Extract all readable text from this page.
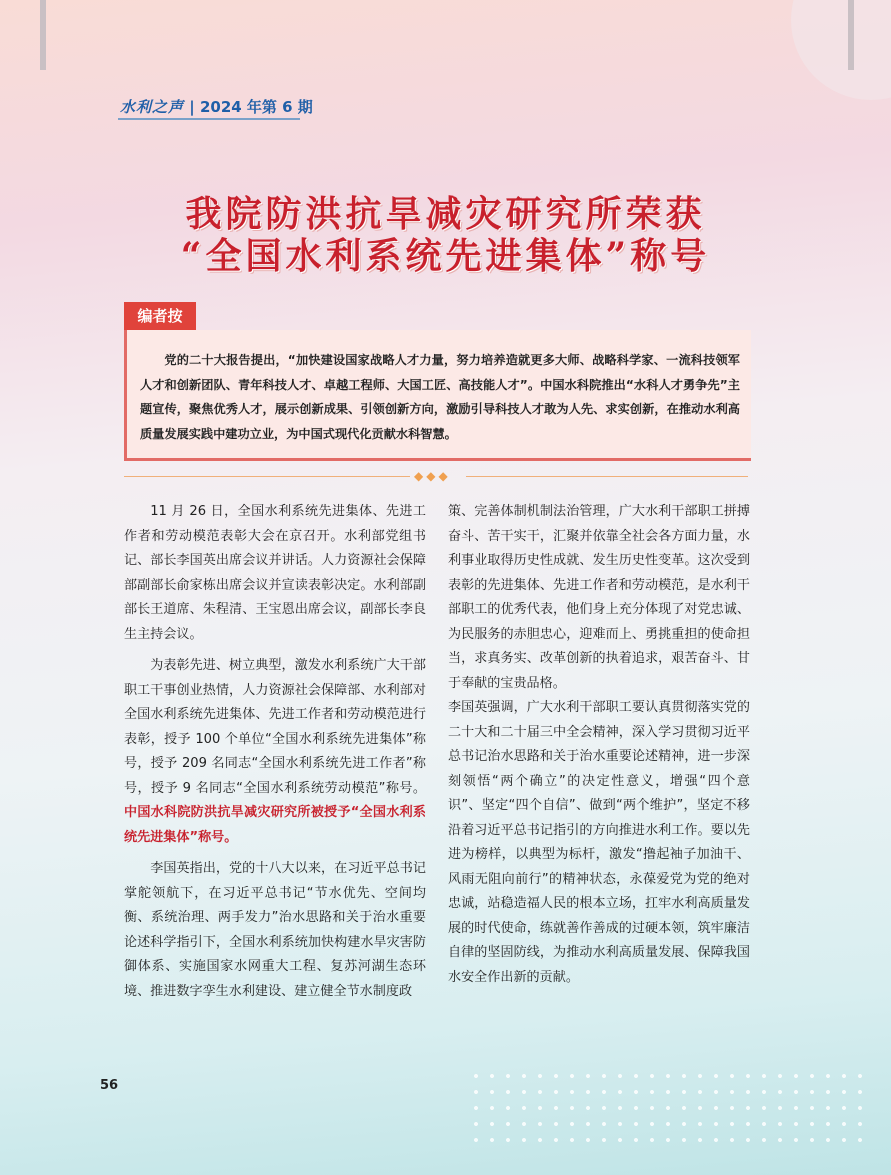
水利之声 | 2024 年第 6 期
我院防洪抗旱减灾研究所荣获
“全国水利系统先进集体”称号
编者按
党的二十大报告提出，“加快建设国家战略人才力量，努力培养造就更多大师、战略科学家、一流科技领军人才和创新团队、青年科技人才、卓越工程师、大国工匠、高技能人才”。中国水科院推出“水科人才勇争先”主题宣传，聚焦优秀人才，展示创新成果、引领创新方向，激励引导科技人才敢为人先、求实创新，在推动水利高质量发展实践中建功立业，为中国式现代化贡献水科智慧。
◆◆◆

11 月 26 日，全国水利系统先进集体、先进工作者和劳动模范表彰大会在京召开。水利部党组书记、部长李国英出席会议并讲话。人力资源社会保障部副部长俞家栋出席会议并宣读表彰决定。水利部副部长王道席、朱程清、王宝恩出席会议，副部长李良生主持会议。

为表彰先进、树立典型，激发水利系统广大干部职工干事创业热情，人力资源社会保障部、水利部对全国水利系统先进集体、先进工作者和劳动模范进行表彰，授予 100 个单位“全国水利系统先进集体”称号，授予 209 名同志“全国水利系统先进工作者”称号，授予 9 名同志“全国水利系统劳动模范”称号。中国水科院防洪抗旱减灾研究所被授予“全国水利系统先进集体”称号。

李国英指出，党的十八大以来，在习近平总书记掌舵领航下，在习近平总书记“节水优先、空间均衡、系统治理、两手发力”治水思路和关于治水重要论述科学指引下，全国水利系统加快构建水旱灾害防御体系、实施国家水网重大工程、复苏河湖生态环境、推进数字孪生水利建设、建立健全节水制度政

策、完善体制机制法治管理，广大水利干部职工拼搏奋斗、苦干实干，汇聚并依靠全社会各方面力量，水利事业取得历史性成就、发生历史性变革。这次受到表彰的先进集体、先进工作者和劳动模范，是水利干部职工的优秀代表，他们身上充分体现了对党忠诚、为民服务的赤胆忠心，迎难而上、勇挑重担的使命担当，求真务实、改革创新的执着追求，艰苦奋斗、甘于奉献的宝贵品格。

李国英强调，广大水利干部职工要认真贯彻落实党的二十大和二十届三中全会精神，深入学习贯彻习近平总书记治水思路和关于治水重要论述精神，进一步深刻领悟“两个确立”的决定性意义，增强“四个意识”、坚定“四个自信”、做到“两个维护”，坚定不移沿着习近平总书记指引的方向推进水利工作。要以先进为榜样，以典型为标杆，激发“撸起袖子加油干、风雨无阻向前行”的精神状态，永葆爱党为党的绝对忠诚，站稳造福人民的根本立场，扛牢水利高质量发展的时代使命，练就善作善成的过硬本领，筑牢廉洁自律的坚固防线，为推动水利高质量发展、保障我国水安全作出新的贡献。

56
